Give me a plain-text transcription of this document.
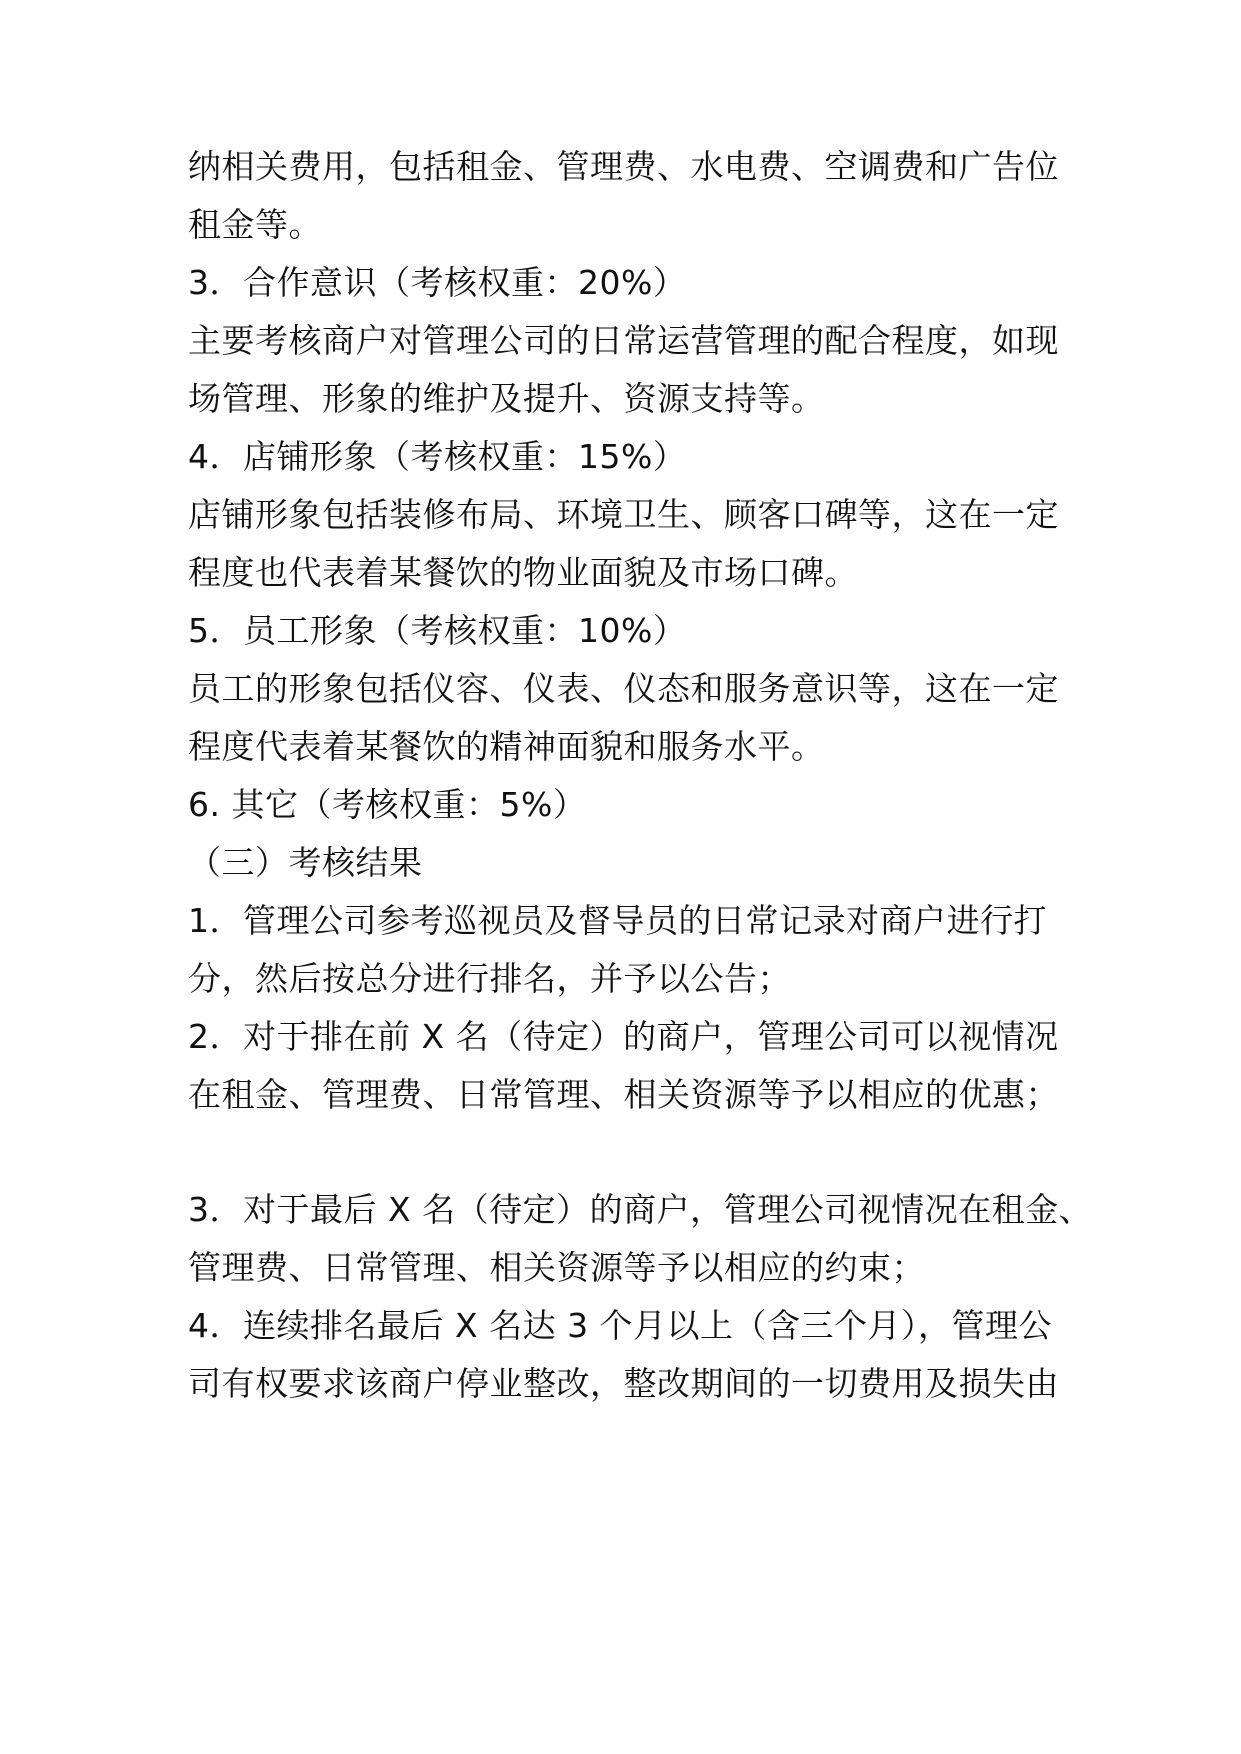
纳相关费用，包括租金、管理费、水电费、空调费和广告位
租金等。
3．合作意识（考核权重：20%）
主要考核商户对管理公司的日常运营管理的配合程度，如现
场管理、形象的维护及提升、资源支持等。
4．店铺形象（考核权重：15%）
店铺形象包括装修布局、环境卫生、顾客口碑等，这在一定
程度也代表着某餐饮的物业面貌及市场口碑。
5．员工形象（考核权重：10%）
员工的形象包括仪容、仪表、仪态和服务意识等，这在一定
程度代表着某餐饮的精神面貌和服务水平。
6. 其它（考核权重：5%）
（三）考核结果
1．管理公司参考巡视员及督导员的日常记录对商户进行打
分，然后按总分进行排名，并予以公告；
2．对于排在前 X 名（待定）的商户，管理公司可以视情况
在租金、管理费、日常管理、相关资源等予以相应的优惠；
3．对于最后 X 名（待定）的商户，管理公司视情况在租金、
管理费、日常管理、相关资源等予以相应的约束；
4．连续排名最后 X 名达 3 个月以上（含三个月），管理公
司有权要求该商户停业整改，整改期间的一切费用及损失由
